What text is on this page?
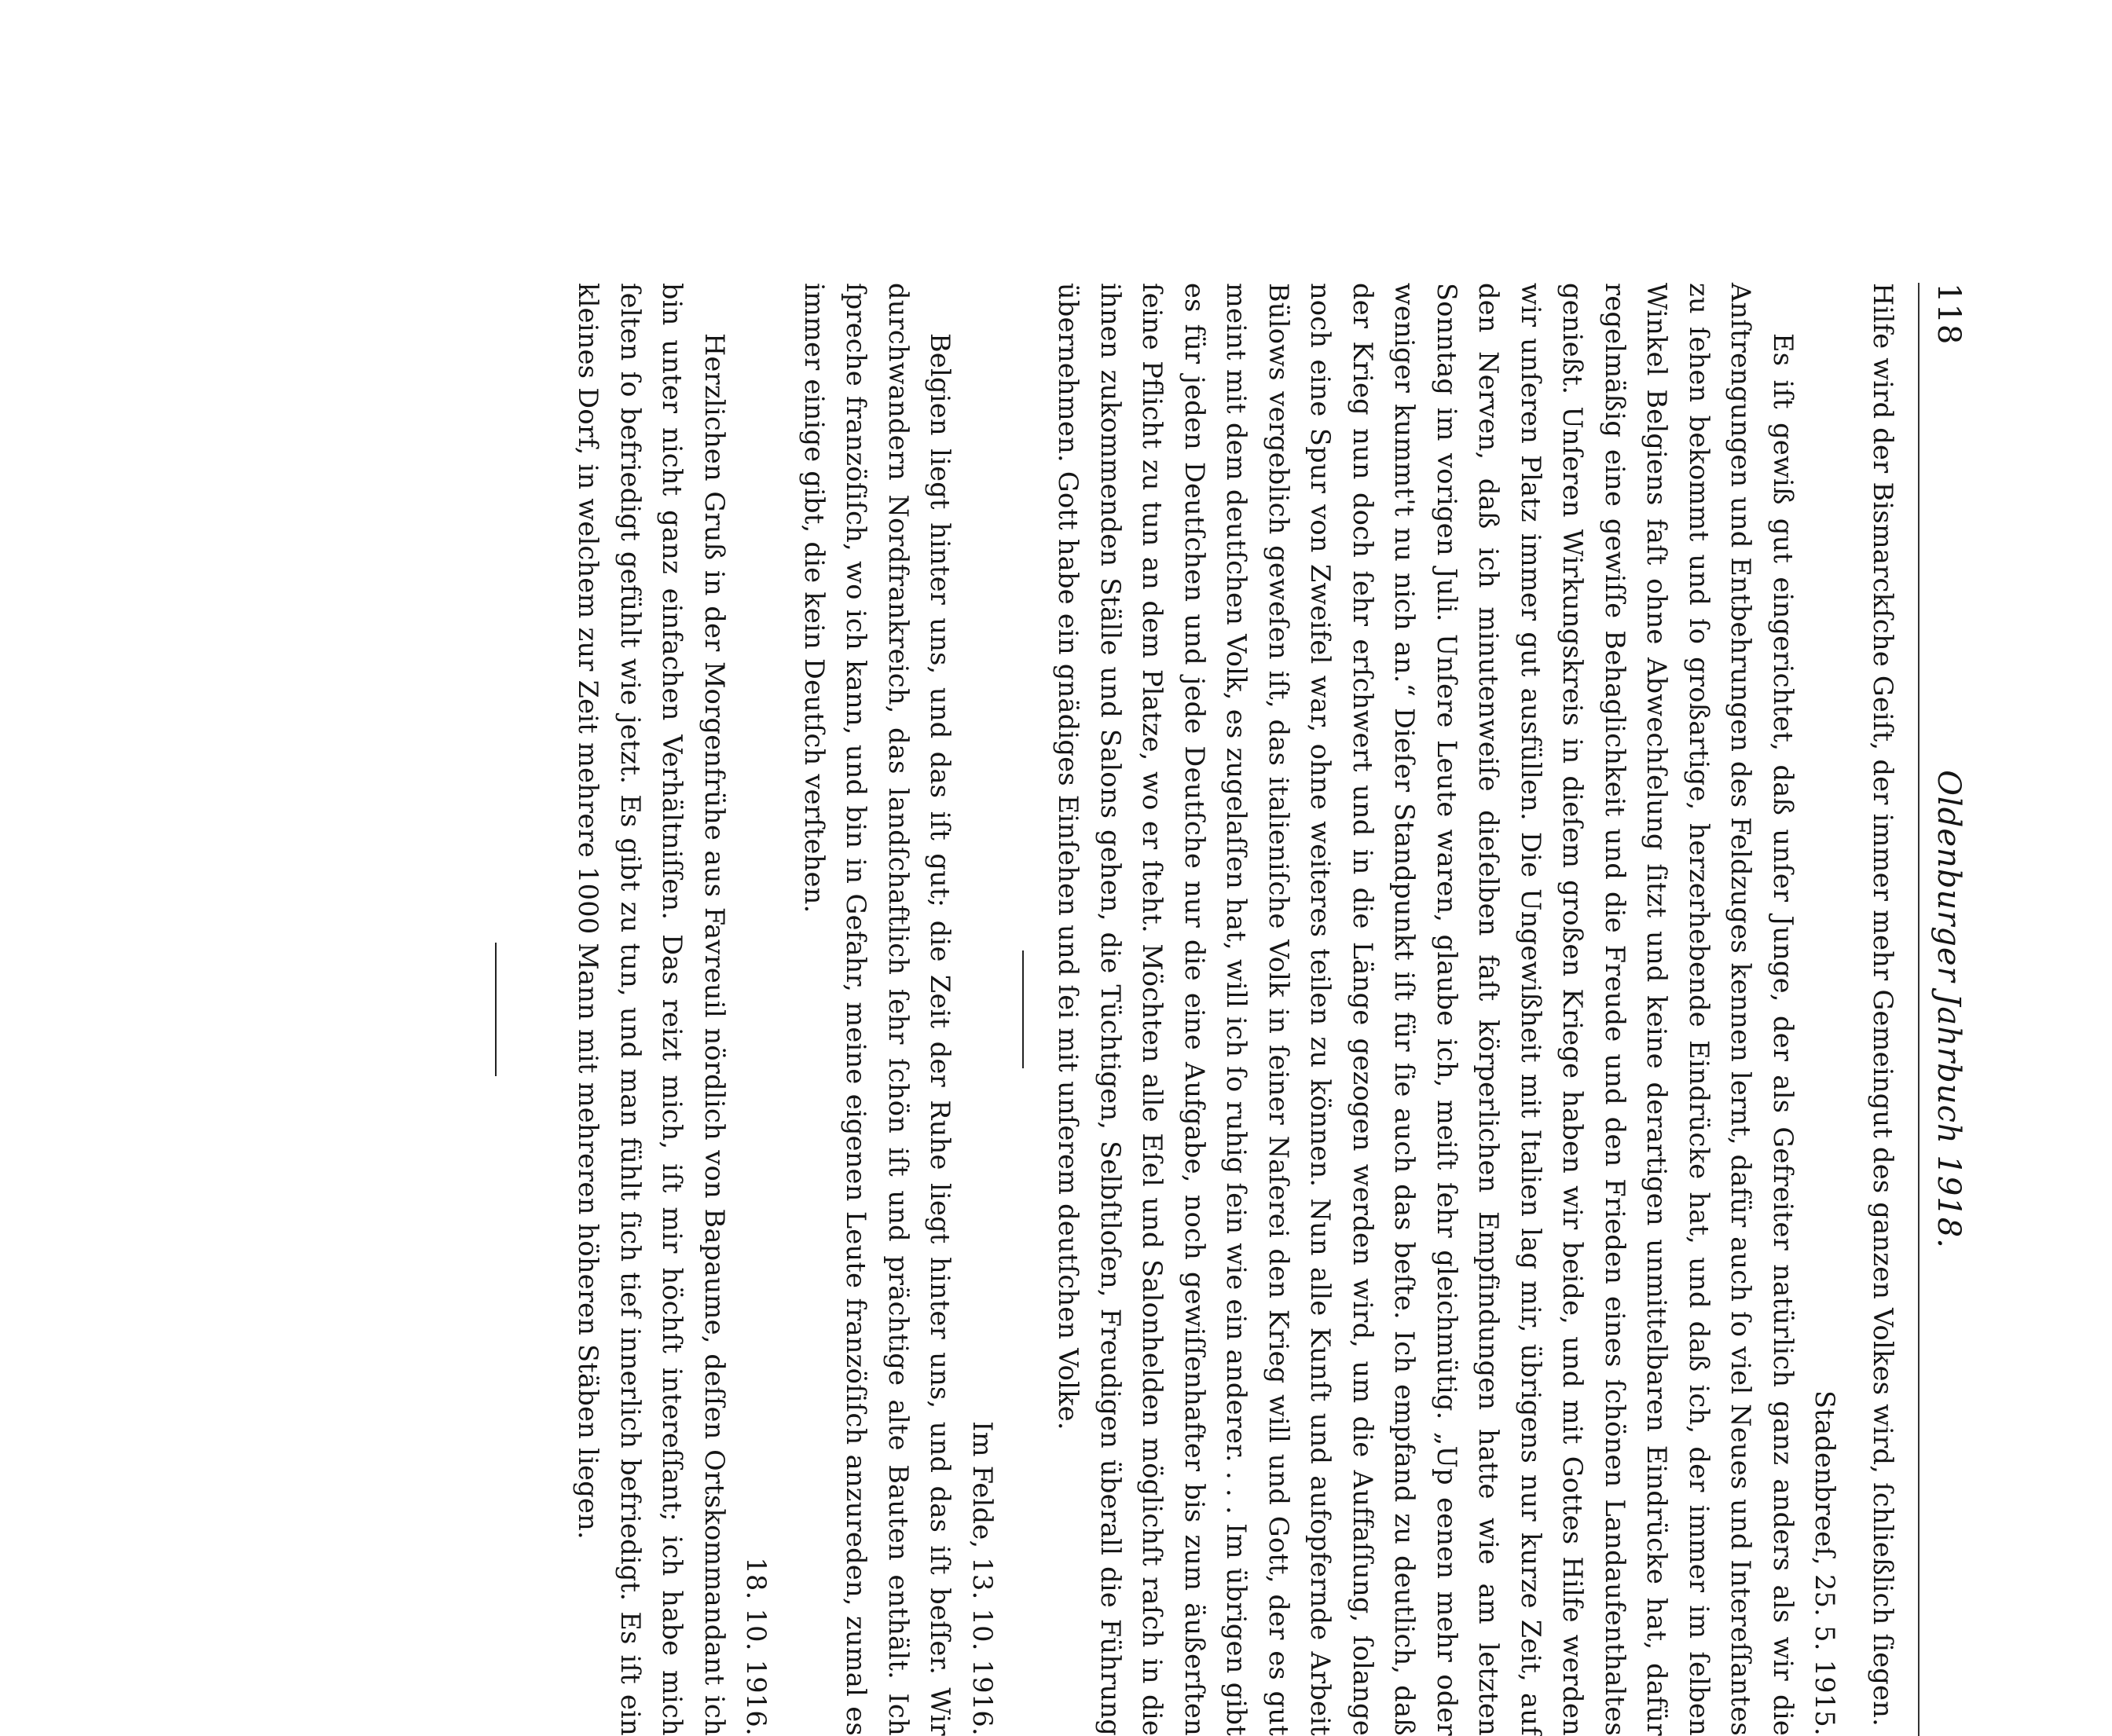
118
Oldenburger Jahrbuch 1918.

Hilfe wird der Bismarckſche Geiſt, der immer mehr Gemeingut des ganzen Volkes wird, ſchließlich ſiegen.

Stadenbreeſ, 25. 5. 1915.

Es iſt gewiß gut eingerichtet, daß unſer Junge, der als Gefreiter natürlich ganz anders als wir die Anſtrengungen und Entbehrungen des Feldzuges kennen lernt, dafür auch ſo viel Neues und Intereſſantes zu ſehen bekommt und ſo großartige, herzerhebende Eindrücke hat, und daß ich, der immer im ſelben Winkel Belgiens faſt ohne Abwechſelung ſitzt und keine derartigen unmittelbaren Eindrücke hat, dafür regelmäßig eine gewiſſe Behaglichkeit und die Freude und den Frieden eines ſchönen Landaufenthaltes genießt. Unſeren Wirkungskreis in dieſem großen Kriege haben wir beide, und mit Gottes Hilfe werden wir unſeren Platz immer gut ausfüllen. Die Ungewißheit mit Italien lag mir, übrigens nur kurze Zeit, auf den Nerven, daß ich minutenweiſe dieſelben faſt körperlichen Empfindungen hatte wie am letzten Sonntag im vorigen Juli. Unſere Leute waren, glaube ich, meiſt ſehr gleichmütig. „Up eenen mehr oder weniger kummt't nu nich an.“ Dieſer Standpunkt iſt für ſie auch das beſte. Ich empfand zu deutlich, daß der Krieg nun doch ſehr erſchwert und in die Länge gezogen werden wird, um die Auffaſſung, ſolange noch eine Spur von Zweifel war, ohne weiteres teilen zu können. Nun alle Kunſt und aufopfernde Arbeit Bülows vergeblich geweſen iſt, das italieniſche Volk in ſeiner Naſerei den Krieg will und Gott, der es gut meint mit dem deutſchen Volk, es zugelaſſen hat, will ich ſo ruhig ſein wie ein anderer. . . . Im übrigen gibt es für jeden Deutſchen und jede Deutſche nur die eine Aufgabe, noch gewiſſenhafter bis zum äußerſten ſeine Pflicht zu tun an dem Platze, wo er ſteht. Möchten alle Eſel und Salonhelden möglichſt raſch in die ihnen zukommenden Ställe und Salons gehen, die Tüchtigen, Selbſtloſen, Freudigen überall die Führung übernehmen. Gott habe ein gnädiges Einſehen und ſei mit unſerem deutſchen Volke.

Im Felde, 13. 10. 1916.

Belgien liegt hinter uns, und das iſt gut; die Zeit der Ruhe liegt hinter uns, und das iſt beſſer. Wir durchwandern Nordfrankreich, das landſchaftlich ſehr ſchön iſt und prächtige alte Bauten enthält. Ich ſpreche franzöſiſch, wo ich kann, und bin in Gefahr, meine eigenen Leute franzöſiſch anzureden, zumal es immer einige gibt, die kein Deutſch verſtehen.

18. 10. 1916.

Herzlichen Gruß in der Morgenfrühe aus Favreuil nördlich von Bapaume, deſſen Ortskommandant ich bin unter nicht ganz einfachen Verhältniſſen. Das reizt mich, iſt mir höchſt intereſſant; ich habe mich ſelten ſo befriedigt gefühlt wie jetzt. Es gibt zu tun, und man fühlt ſich tief innerlich befriedigt. Es iſt ein kleines Dorf, in welchem zur Zeit mehrere 1000 Mann mit mehreren höheren Stäben liegen.
